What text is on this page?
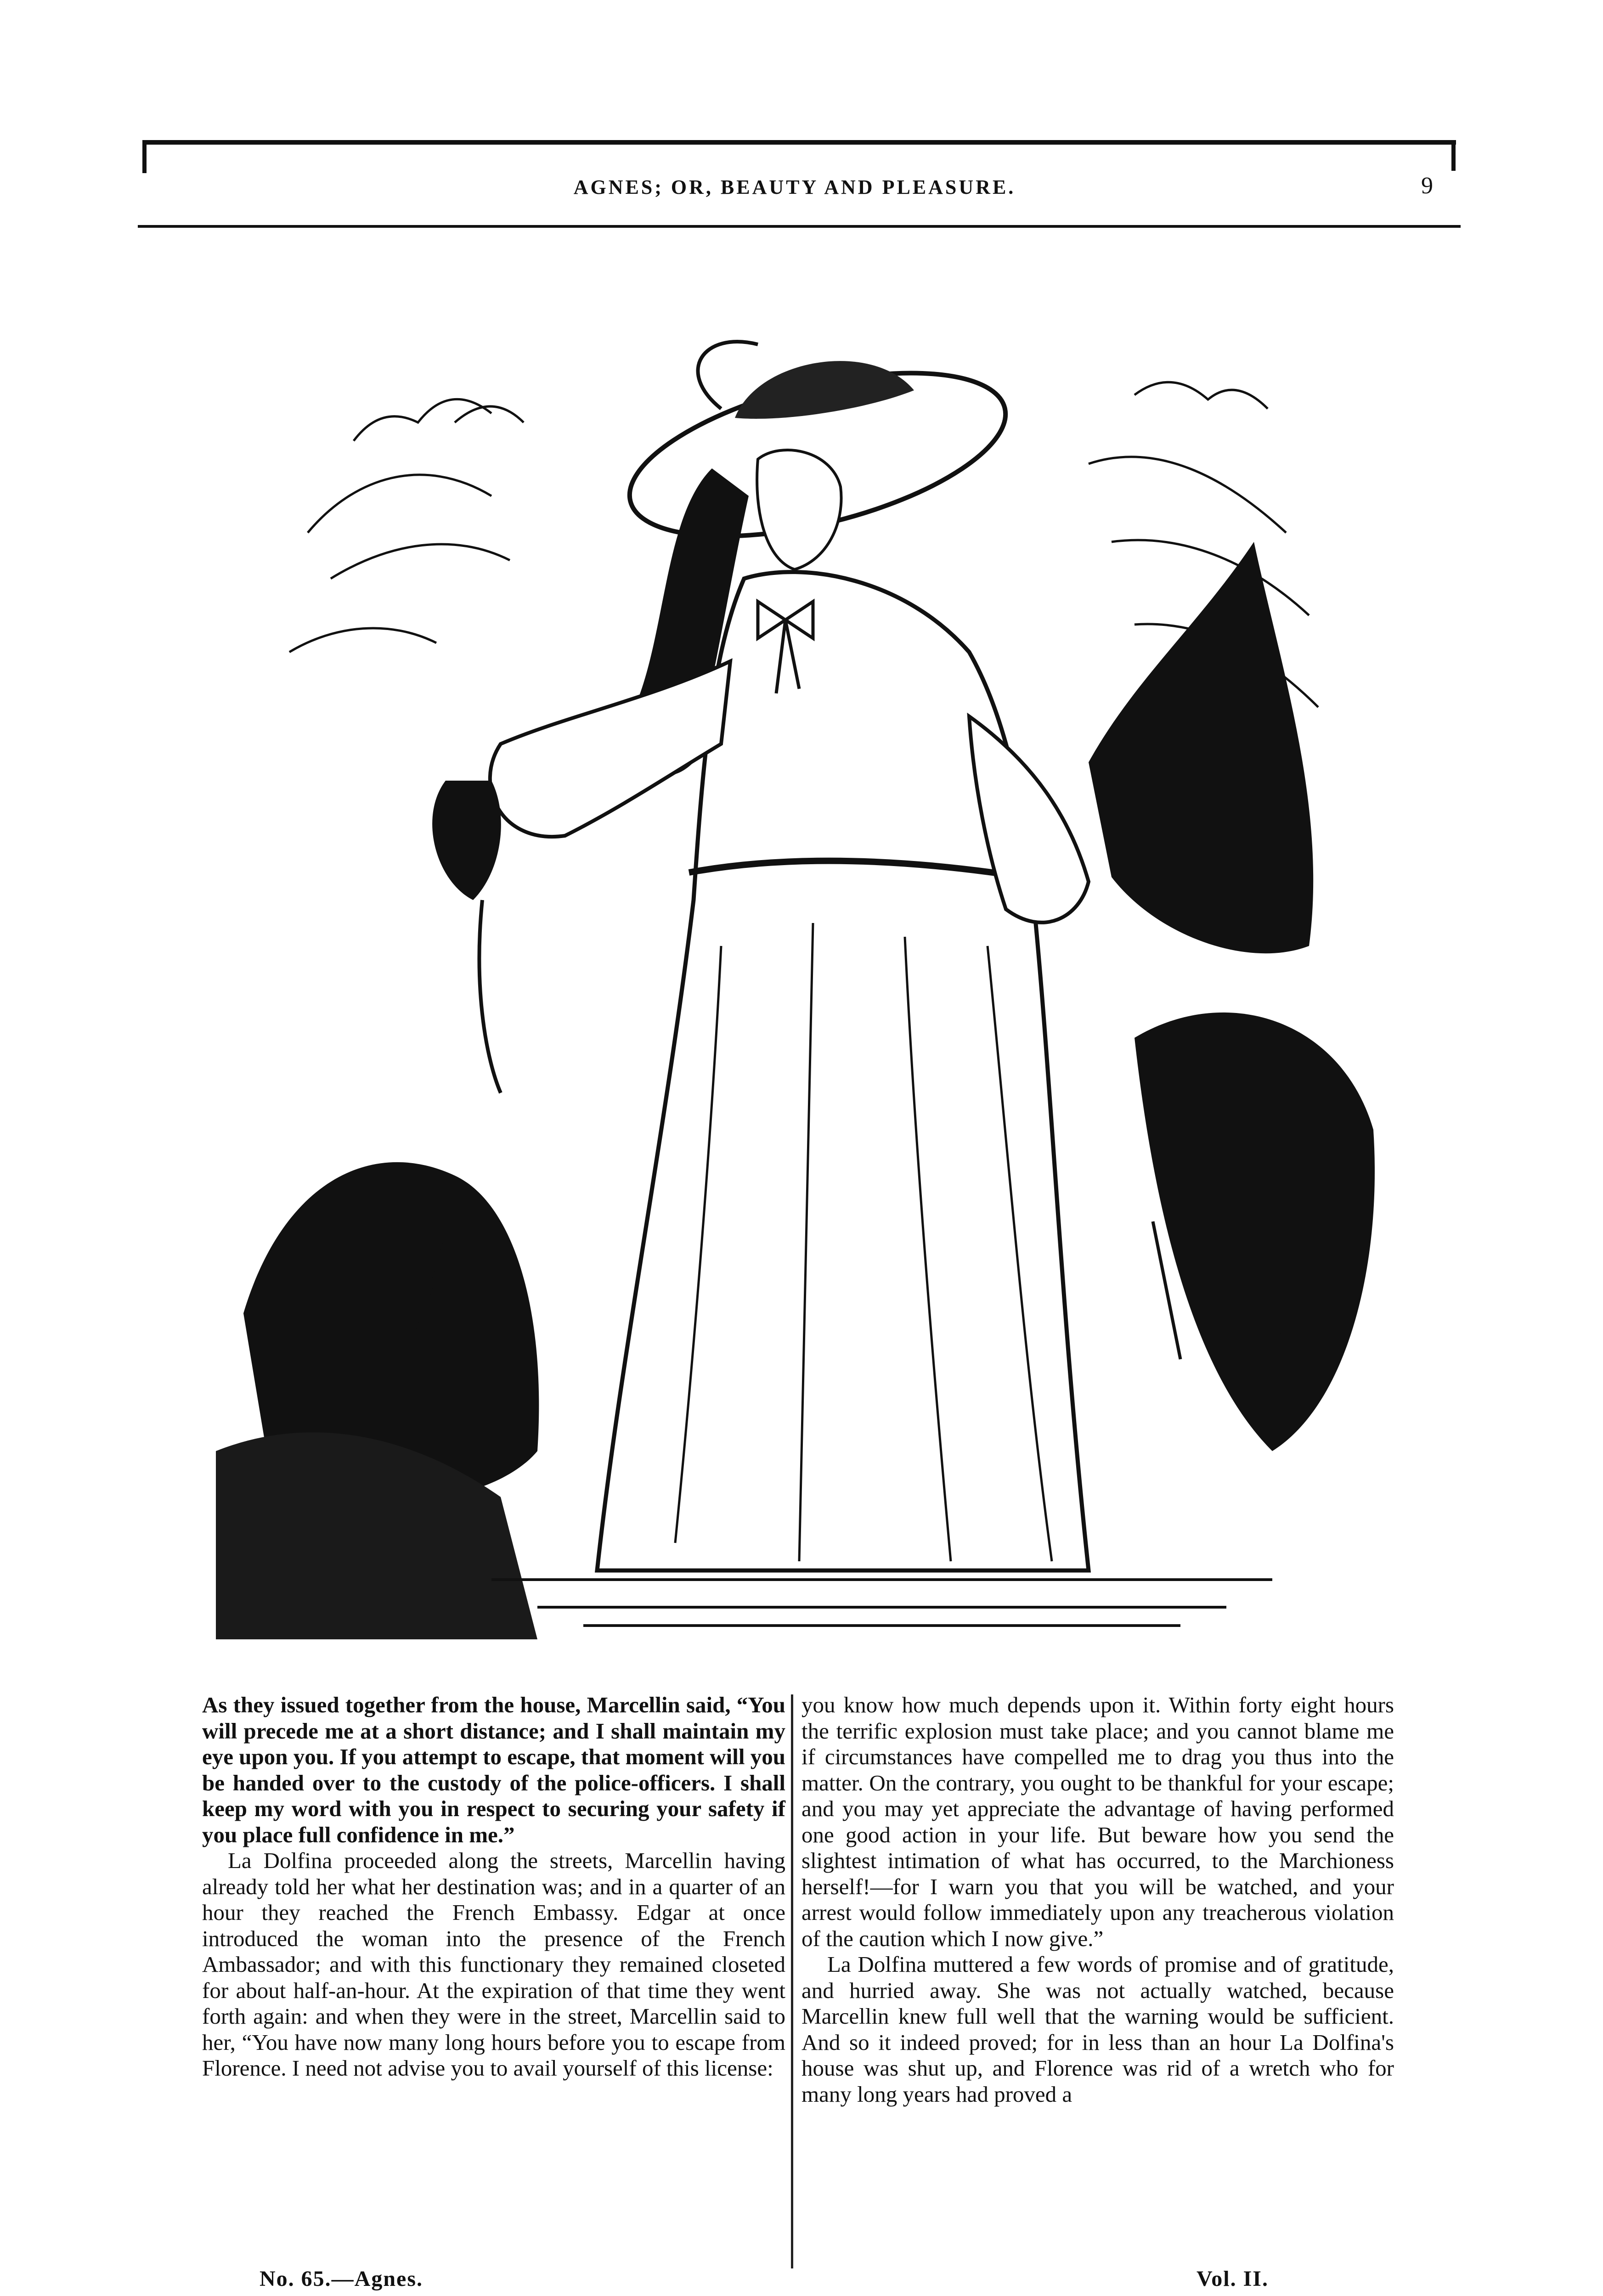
AGNES; OR, BEAUTY AND PLEASURE.	9

As they issued together from the house, Marcellin said, “You will precede me at a short distance; and I shall maintain my eye upon you. If you attempt to escape, that moment will you be handed over to the custody of the police-officers. I shall keep my word with you in respect to securing your safety if you place full confidence in me.”

La Dolfina proceeded along the streets, Marcellin having already told her what her destination was; and in a quarter of an hour they reached the French Embassy. Edgar at once introduced the woman into the presence of the French Ambassador; and with this functionary they remained closeted for about half-an-hour. At the expiration of that time they went forth again: and when they were in the street, Marcellin said to her, “You have now many long hours before you to escape from Florence. I need not advise you to avail yourself of this license:

you know how much depends upon it. Within forty eight hours the terrific explosion must take place; and you cannot blame me if circumstances have compelled me to drag you thus into the matter. On the contrary, you ought to be thankful for your escape; and you may yet appreciate the advantage of having performed one good action in your life. But beware how you send the slightest intimation of what has occurred, to the Marchioness herself!—for I warn you that you will be watched, and your arrest would follow immediately upon any treacherous violation of the caution which I now give.”

La Dolfina muttered a few words of promise and of gratitude, and hurried away. She was not actually watched, because Marcellin knew full well that the warning would be sufficient. And so it indeed proved; for in less than an hour La Dolfina's house was shut up, and Florence was rid of a wretch who for many long years had proved a

No. 65.—Agnes.	Vol. II.
